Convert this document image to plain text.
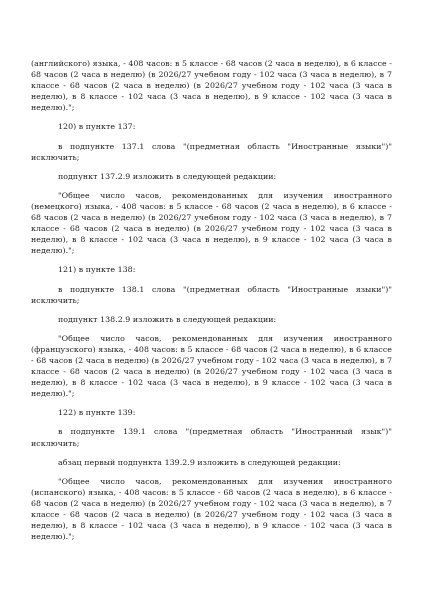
(английского) языка, - 408 часов: в 5 классе - 68 часов (2 часа в неделю), в 6 классе - 68 часов (2 часа в неделю) (в 2026/27 учебном году - 102 часа (3 часа в неделю), в 7 классе - 68 часов (2 часа в неделю) (в 2026/27 учебном году - 102 часа (3 часа в неделю), в 8 классе - 102 часа (3 часа в неделю), в 9 классе - 102 часа (3 часа в неделю).";

120) в пункте 137:

в подпункте 137.1 слова "(предметная область "Иностранные языки")" исключить;

подпункт 137.2.9 изложить в следующей редакции:

"Общее число часов, рекомендованных для изучения иностранного (немецкого) языка, - 408 часов: в 5 классе - 68 часов (2 часа в неделю), в 6 классе - 68 часов (2 часа в неделю) (в 2026/27 учебном году - 102 часа (3 часа в неделю), в 7 классе - 68 часов (2 часа в неделю) (в 2026/27 учебном году - 102 часа (3 часа в неделю), в 8 классе - 102 часа (3 часа в неделю), в 9 классе - 102 часа (3 часа в неделю).";

121) в пункте 138:

в подпункте 138.1 слова "(предметная область "Иностранные языки")" исключить;

подпункт 138.2.9 изложить в следующей редакции:

"Общее число часов, рекомендованных для изучения иностранного (французского) языка, - 408 часов: в 5 классе - 68 часов (2 часа в неделю), в 6 классе - 68 часов (2 часа в неделю) (в 2026/27 учебном году - 102 часа (3 часа в неделю), в 7 классе - 68 часов (2 часа в неделю) (в 2026/27 учебном году - 102 часа (3 часа в неделю), в 8 классе - 102 часа (3 часа в неделю), в 9 классе - 102 часа (3 часа в неделю).";

122) в пункте 139:

в подпункте 139.1 слова "(предметная область "Иностранный язык")" исключить;

абзац первый подпункта 139.2.9 изложить в следующей редакции:

"Общее число часов, рекомендованных для изучения иностранного (испанского) языка, - 408 часов: в 5 классе - 68 часов (2 часа в неделю), в 6 классе - 68 часов (2 часа в неделю) (в 2026/27 учебном году - 102 часа (3 часа в неделю), в 7 классе - 68 часов (2 часа в неделю) (в 2026/27 учебном году - 102 часа (3 часа в неделю), в 8 классе - 102 часа (3 часа в неделю), в 9 классе - 102 часа (3 часа в неделю).";
